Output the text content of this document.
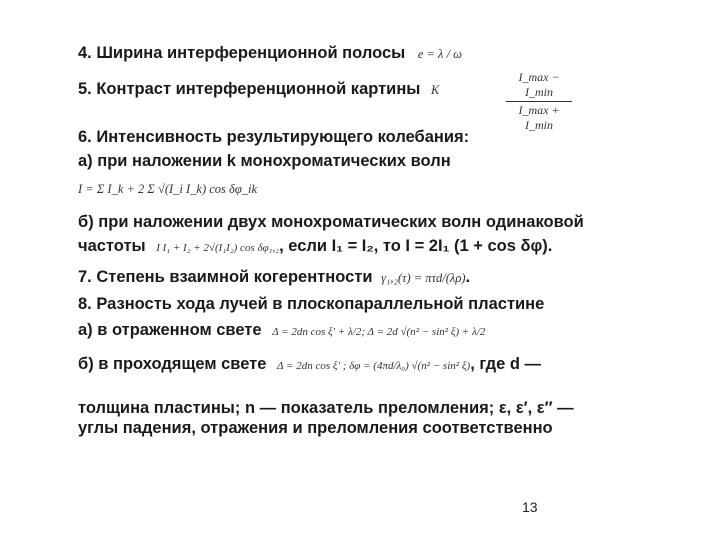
4. Ширина интерференционной полосы e = λ / ω
5. Контраст интерференционной картины K
I_max − I_min
I_max + I_min
6. Интенсивность результирующего колебания:
а) при наложении k монохроматических волн
I = Σ I_k + 2 Σ √(I_i I_k) cos δφ_ik
б) при наложении двух монохроматических волн одинаковой
частоты I I₁ + I₂ + 2√(I₁I₂) cos δφ₁,₂, если I₁ = I₂, то I = 2I₁ (1 + cos δφ).
7. Степень взаимной когерентности γ₁,₂(τ) = πτd/(λρ).
8. Разность хода лучей в плоскопараллельной пластине
а) в отраженном свете Δ = 2dn cos ξ′ + λ/2; Δ = 2d √(n² − sin² ξ) + λ/2
б) в проходящем свете Δ = 2dn cos ξ′ ; δφ = (4πd/λ₀) √(n² − sin² ξ), где d —
толщина пластины; n — показатель преломления; ε, ε′, ε′′ —
углы падения, отражения и преломления соответственно
13
